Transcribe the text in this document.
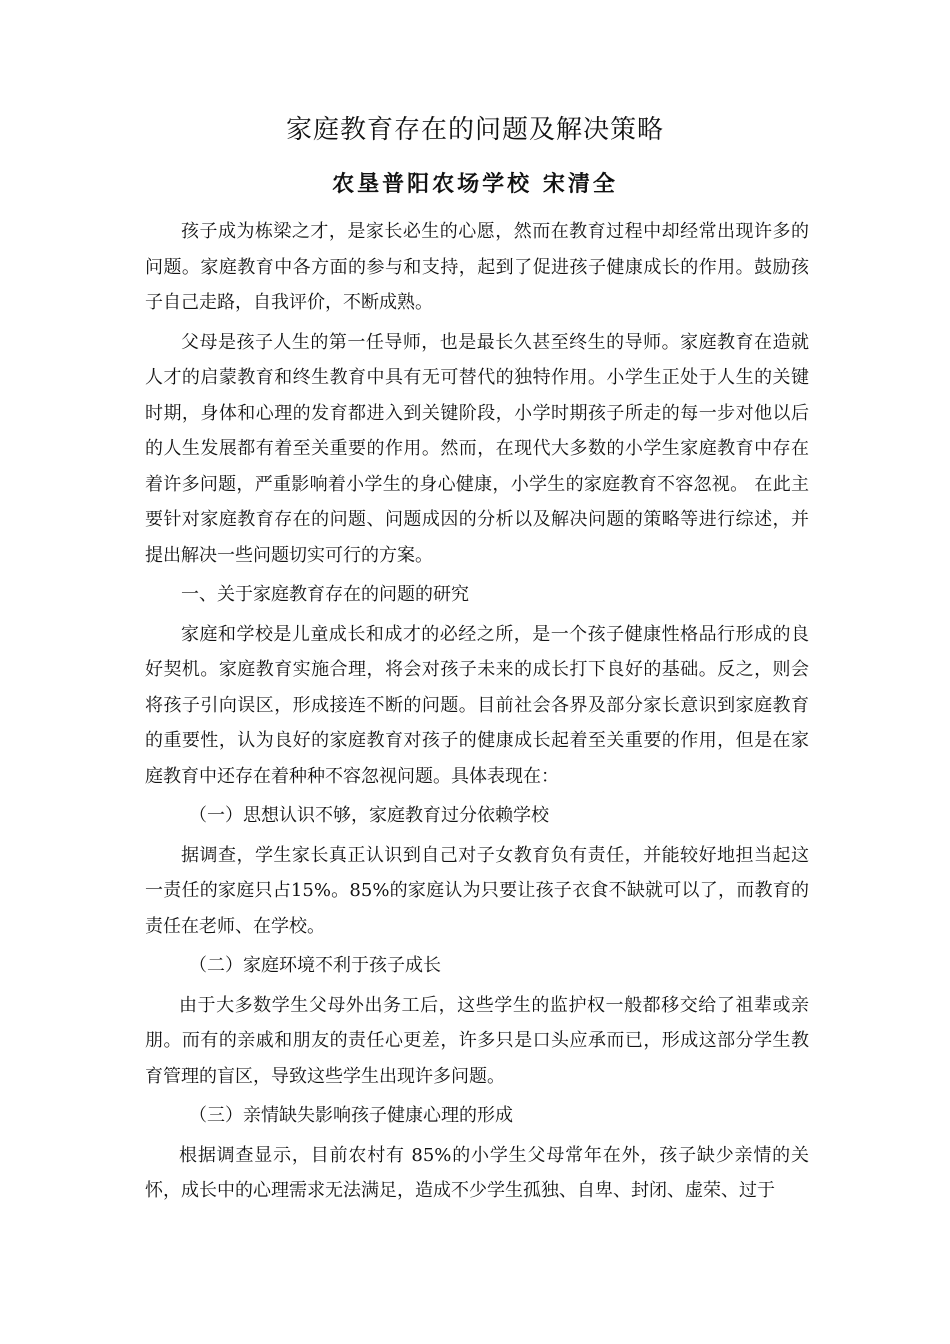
家庭教育存在的问题及解决策略
农垦普阳农场学校 宋清全

孩子成为栋梁之才，是家长必生的心愿，然而在教育过程中却经常出现许多的问题。家庭教育中各方面的参与和支持，起到了促进孩子健康成长的作用。鼓励孩子自己走路，自我评价，不断成熟。

父母是孩子人生的第一任导师，也是最长久甚至终生的导师。家庭教育在造就人才的启蒙教育和终生教育中具有无可替代的独特作用。小学生正处于人生的关键时期，身体和心理的发育都进入到关键阶段，小学时期孩子所走的每一步对他以后的人生发展都有着至关重要的作用。然而，在现代大多数的小学生家庭教育中存在着许多问题，严重影响着小学生的身心健康，小学生的家庭教育不容忽视。 在此主要针对家庭教育存在的问题、问题成因的分析以及解决问题的策略等进行综述，并提出解决一些问题切实可行的方案。

一、关于家庭教育存在的问题的研究

家庭和学校是儿童成长和成才的必经之所，是一个孩子健康性格品行形成的良好契机。家庭教育实施合理，将会对孩子未来的成长打下良好的基础。反之，则会将孩子引向误区，形成接连不断的问题。目前社会各界及部分家长意识到家庭教育的重要性，认为良好的家庭教育对孩子的健康成长起着至关重要的作用，但是在家庭教育中还存在着种种不容忽视问题。具体表现在：

（一）思想认识不够，家庭教育过分依赖学校

据调查，学生家长真正认识到自己对子女教育负有责任，并能较好地担当起这一责任的家庭只占15%。85%的家庭认为只要让孩子衣食不缺就可以了，而教育的责任在老师、在学校。

（二）家庭环境不利于孩子成长

由于大多数学生父母外出务工后，这些学生的监护权一般都移交给了祖辈或亲朋。而有的亲戚和朋友的责任心更差，许多只是口头应承而已，形成这部分学生教育管理的盲区，导致这些学生出现许多问题。

（三）亲情缺失影响孩子健康心理的形成

根据调查显示，目前农村有 85%的小学生父母常年在外，孩子缺少亲情的关怀，成长中的心理需求无法满足，造成不少学生孤独、自卑、封闭、虚荣、过于
